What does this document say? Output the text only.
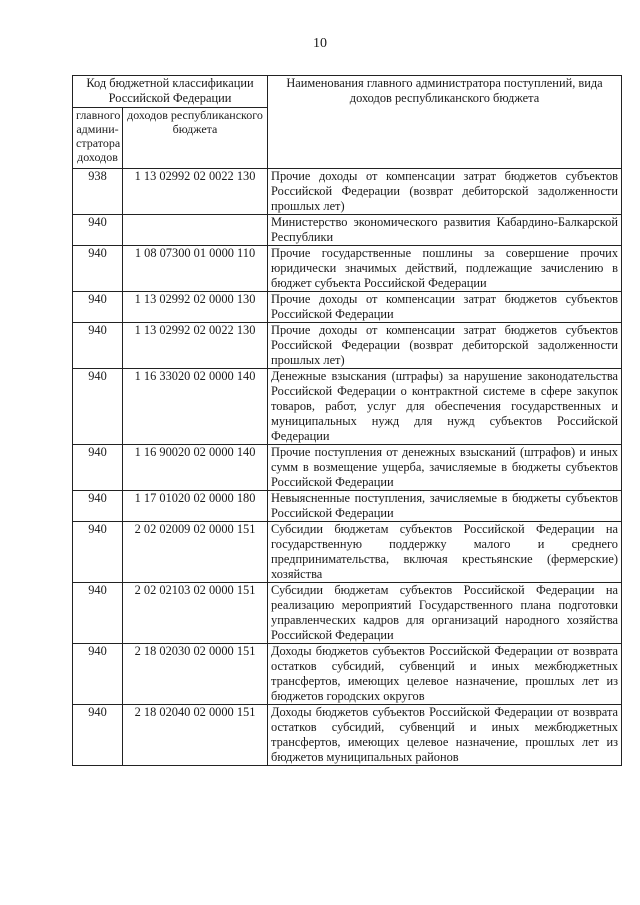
10
Код бюджетной классификации Российской Федерации		Наименования главного администратора поступлений, вида доходов республиканского бюджета
главного админи-стратора доходов	доходов республиканского бюджета	
938	1 13 02992 02 0022 130	Прочие доходы от компенсации затрат бюджетов субъектов Российской Федерации (возврат дебиторской задолженности прошлых лет)
940		Министерство экономического развития Кабардино-Балкарской Республики
940	1 08 07300 01 0000 110	Прочие государственные пошлины за совершение прочих юридически значимых действий, подлежащие зачислению в бюджет субъекта Российской Федерации
940	1 13 02992 02 0000 130	Прочие доходы от компенсации затрат бюджетов субъектов Российской Федерации
940	1 13 02992 02 0022 130	Прочие доходы от компенсации затрат бюджетов субъектов Российской Федерации (возврат дебиторской задолженности прошлых лет)
940	1 16 33020 02 0000 140	Денежные взыскания (штрафы) за нарушение законодательства Российской Федерации о контрактной системе в сфере закупок товаров, работ, услуг для обеспечения государственных и муниципальных нужд для нужд субъектов Российской Федерации
940	1 16 90020 02 0000 140	Прочие поступления от денежных взысканий (штрафов) и иных сумм в возмещение ущерба, зачисляемые в бюджеты субъектов Российской Федерации
940	1 17 01020 02 0000 180	Невыясненные поступления, зачисляемые в бюджеты субъектов Российской Федерации
940	2 02 02009 02 0000 151	Субсидии бюджетам субъектов Российской Федерации на государственную поддержку малого и среднего предпринимательства, включая крестьянские (фермерские) хозяйства
940	2 02 02103 02 0000 151	Субсидии бюджетам субъектов Российской Федерации на реализацию мероприятий Государственного плана подготовки управленческих кадров для организаций народного хозяйства Российской Федерации
940	2 18 02030 02 0000 151	Доходы бюджетов субъектов Российской Федерации от возврата остатков субсидий, субвенций и иных межбюджетных трансфертов, имеющих целевое назначение, прошлых лет из бюджетов городских округов
940	2 18 02040 02 0000 151	Доходы бюджетов субъектов Российской Федерации от возврата остатков субсидий, субвенций и иных межбюджетных трансфертов, имеющих целевое назначение, прошлых лет из бюджетов муниципальных районов
